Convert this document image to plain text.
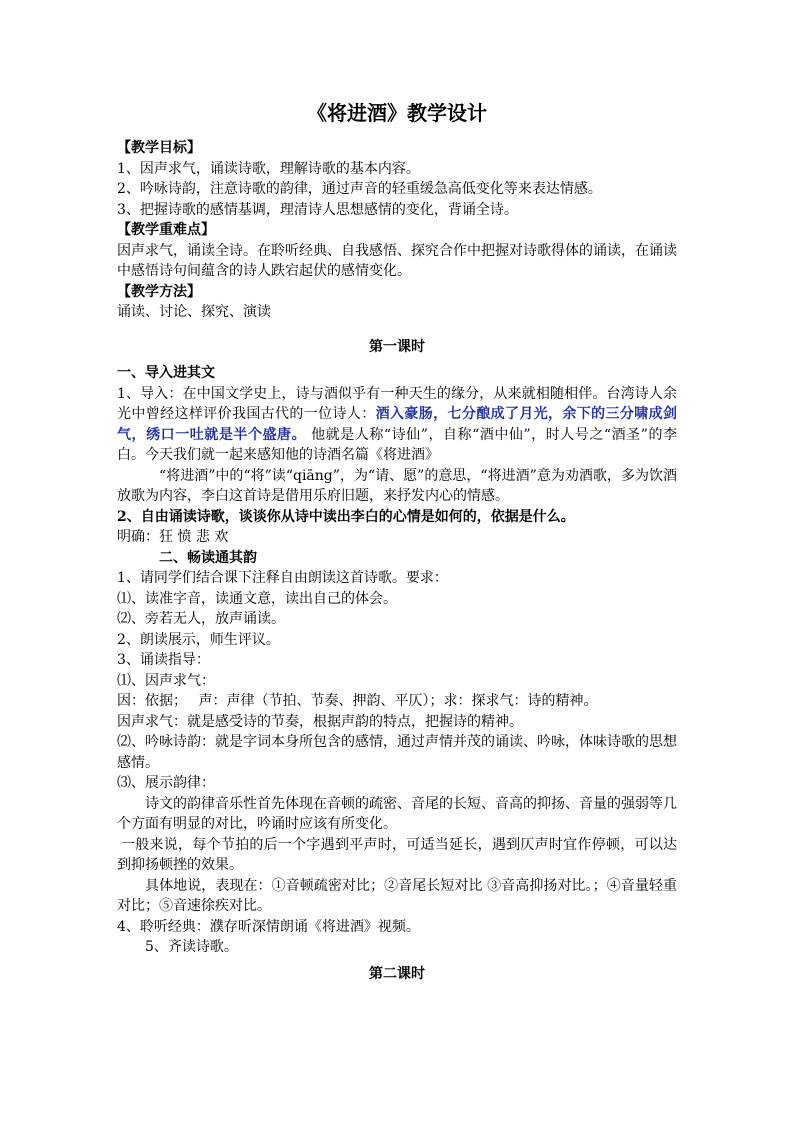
《将进酒》教学设计

【教学目标】

1、因声求气，诵读诗歌，理解诗歌的基本内容。

2、吟咏诗韵，注意诗歌的韵律，通过声音的轻重缓急高低变化等来表达情感。

3、把握诗歌的感情基调，理清诗人思想感情的变化，背诵全诗。

【教学重难点】

因声求气，诵读全诗。在聆听经典、自我感悟、探究合作中把握对诗歌得体的诵读，在诵读中感悟诗句间蕴含的诗人跌宕起伏的感情变化。

【教学方法】

诵读、讨论、探究、演读

第一课时

一、导入进其文

1、导入：在中国文学史上，诗与酒似乎有一种天生的缘分，从来就相随相伴。台湾诗人余光中曾经这样评价我国古代的一位诗人：酒入豪肠，七分酿成了月光，余下的三分啸成剑气，绣口一吐就是半个盛唐。 他就是人称“诗仙”，自称“酒中仙”，时人号之“酒圣”的李白。今天我们就一起来感知他的诗酒名篇《将进酒》

“将进酒”中的“将”读“qiāng”，为“请、愿”的意思，“将进酒”意为劝酒歌，多为饮酒放歌为内容，李白这首诗是借用乐府旧题，来抒发内心的情感。

2、自由诵读诗歌，谈谈你从诗中读出李白的心情是如何的，依据是什么。

明确：狂 愤 悲 欢

二、畅读通其韵

1、请同学们结合课下注释自由朗读这首诗歌。要求：

⑴、读准字音，读通文意，读出自己的体会。

⑵、旁若无人，放声诵读。

2、朗读展示，师生评议。

3、诵读指导：

⑴、因声求气：

因：依据；　 声：声律（节拍、节奏、押韵、平仄）；求：探求气：诗的精神。

因声求气：就是感受诗的节奏，根据声韵的特点，把握诗的精神。

⑵、吟咏诗韵：就是字词本身所包含的感情，通过声情并茂的诵读、吟咏，体味诗歌的思想感情。

⑶、展示韵律：

诗文的韵律音乐性首先体现在音顿的疏密、音尾的长短、音高的抑扬、音量的强弱等几个方面有明显的对比，吟诵时应该有所变化。

一般来说，每个节拍的后一个字遇到平声时，可适当延长，遇到仄声时宜作停顿，可以达到抑扬顿挫的效果。

具体地说，表现在：①音顿疏密对比；②音尾长短对比 ③音高抑扬对比。；④音量轻重对比；⑤音速徐疾对比。

4、聆听经典：濮存昕深情朗诵《将进酒》视频。

5、齐读诗歌。

第二课时
